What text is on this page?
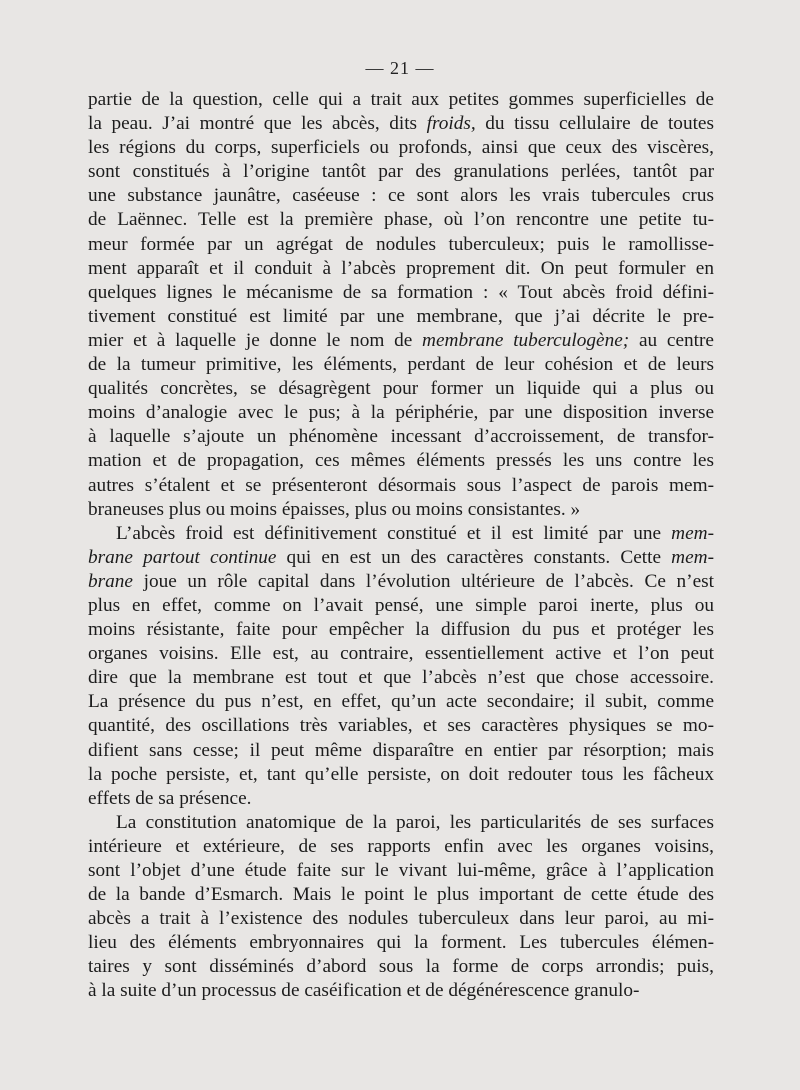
— 21 —
partie de la question, celle qui a trait aux petites gommes superficielles de
la peau. J’ai montré que les abcès, dits froids, du tissu cellulaire de toutes
les régions du corps, superficiels ou profonds, ainsi que ceux des viscères,
sont constitués à l’origine tantôt par des granulations perlées, tantôt par
une substance jaunâtre, caséeuse : ce sont alors les vrais tubercules crus
de Laënnec. Telle est la première phase, où l’on rencontre une petite tu-
meur formée par un agrégat de nodules tuberculeux; puis le ramollisse-
ment apparaît et il conduit à l’abcès proprement dit. On peut formuler en
quelques lignes le mécanisme de sa formation : « Tout abcès froid défini-
tivement constitué est limité par une membrane, que j’ai décrite le pre-
mier et à laquelle je donne le nom de membrane tuberculogène; au centre
de la tumeur primitive, les éléments, perdant de leur cohésion et de leurs
qualités concrètes, se désagrègent pour former un liquide qui a plus ou
moins d’analogie avec le pus; à la périphérie, par une disposition inverse
à laquelle s’ajoute un phénomène incessant d’accroissement, de transfor-
mation et de propagation, ces mêmes éléments pressés les uns contre les
autres s’étalent et se présenteront désormais sous l’aspect de parois mem-
braneuses plus ou moins épaisses, plus ou moins consistantes. »
L’abcès froid est définitivement constitué et il est limité par une mem-
brane partout continue qui en est un des caractères constants. Cette mem-
brane joue un rôle capital dans l’évolution ultérieure de l’abcès. Ce n’est
plus en effet, comme on l’avait pensé, une simple paroi inerte, plus ou
moins résistante, faite pour empêcher la diffusion du pus et protéger les
organes voisins. Elle est, au contraire, essentiellement active et l’on peut
dire que la membrane est tout et que l’abcès n’est que chose accessoire.
La présence du pus n’est, en effet, qu’un acte secondaire; il subit, comme
quantité, des oscillations très variables, et ses caractères physiques se mo-
difient sans cesse; il peut même disparaître en entier par résorption; mais
la poche persiste, et, tant qu’elle persiste, on doit redouter tous les fâcheux
effets de sa présence.
La constitution anatomique de la paroi, les particularités de ses surfaces
intérieure et extérieure, de ses rapports enfin avec les organes voisins,
sont l’objet d’une étude faite sur le vivant lui-même, grâce à l’application
de la bande d’Esmarch. Mais le point le plus important de cette étude des
abcès a trait à l’existence des nodules tuberculeux dans leur paroi, au mi-
lieu des éléments embryonnaires qui la forment. Les tubercules élémen-
taires y sont disséminés d’abord sous la forme de corps arrondis; puis,
à la suite d’un processus de caséification et de dégénérescence granulo-
